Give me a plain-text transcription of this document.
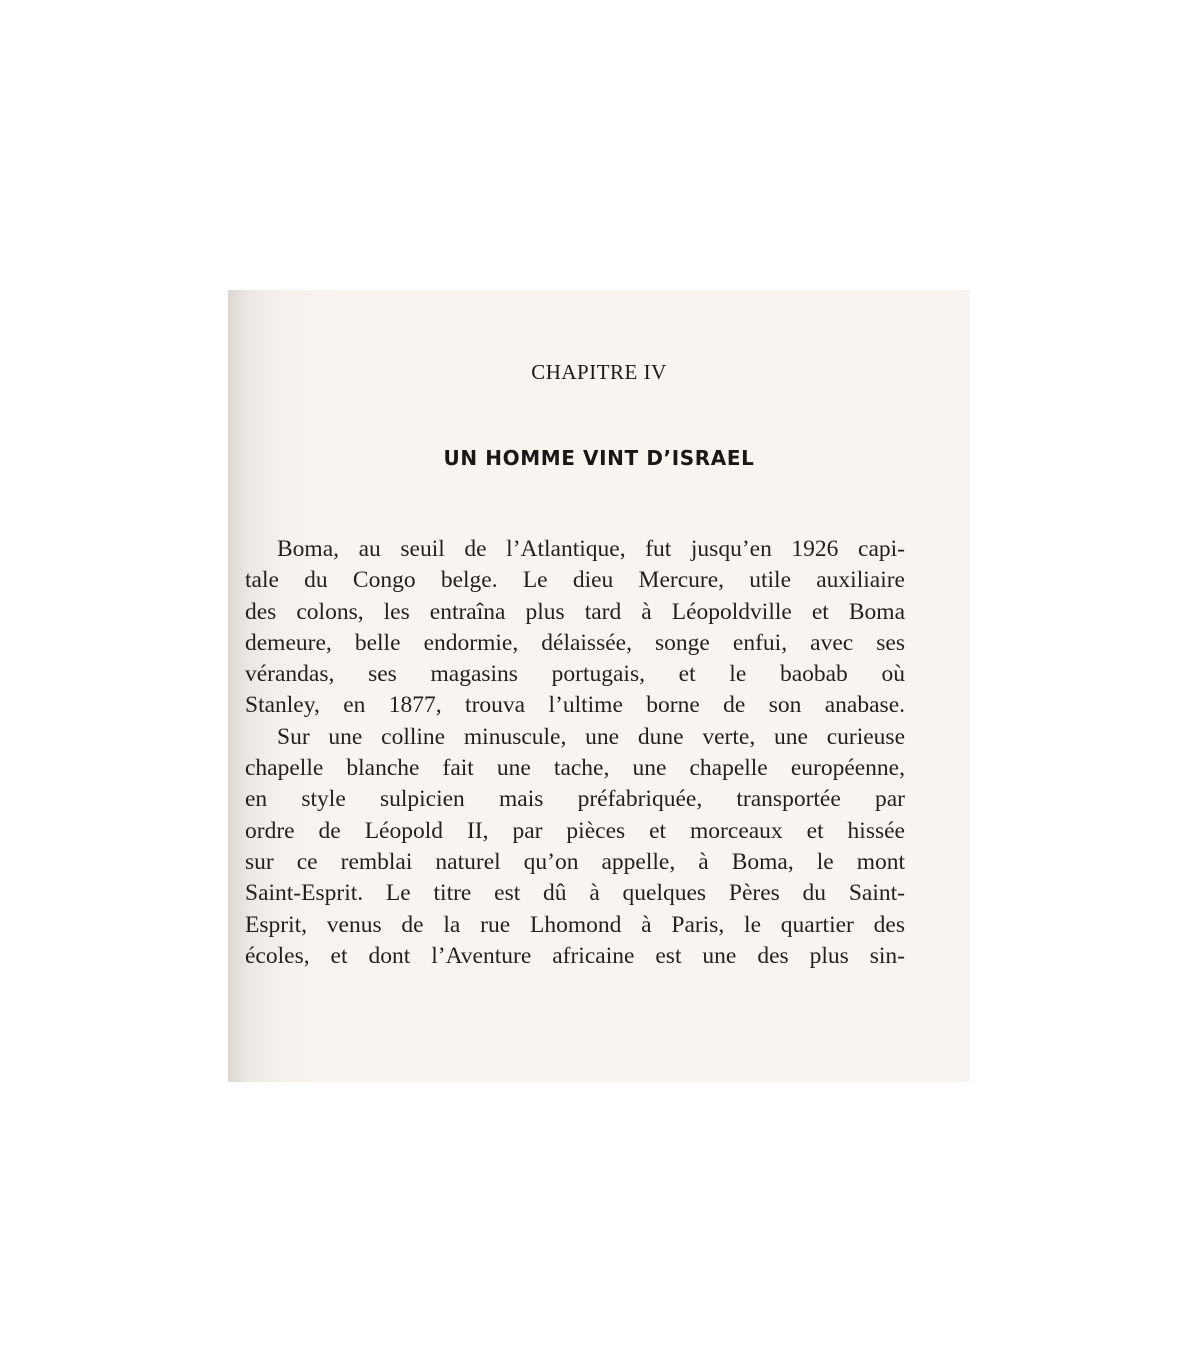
CHAPITRE IV
UN HOMME VINT D’ISRAEL
Boma, au seuil de l’Atlantique, fut jusqu’en 1926 capi-
tale du Congo belge. Le dieu Mercure, utile auxiliaire
des colons, les entraîna plus tard à Léopoldville et Boma
demeure, belle endormie, délaissée, songe enfui, avec ses
vérandas, ses magasins portugais, et le baobab où
Stanley, en 1877, trouva l’ultime borne de son anabase.
Sur une colline minuscule, une dune verte, une curieuse
chapelle blanche fait une tache, une chapelle européenne,
en style sulpicien mais préfabriquée, transportée par
ordre de Léopold II, par pièces et morceaux et hissée
sur ce remblai naturel qu’on appelle, à Boma, le mont
Saint-Esprit. Le titre est dû à quelques Pères du Saint-
Esprit, venus de la rue Lhomond à Paris, le quartier des
écoles, et dont l’Aventure africaine est une des plus sin-
